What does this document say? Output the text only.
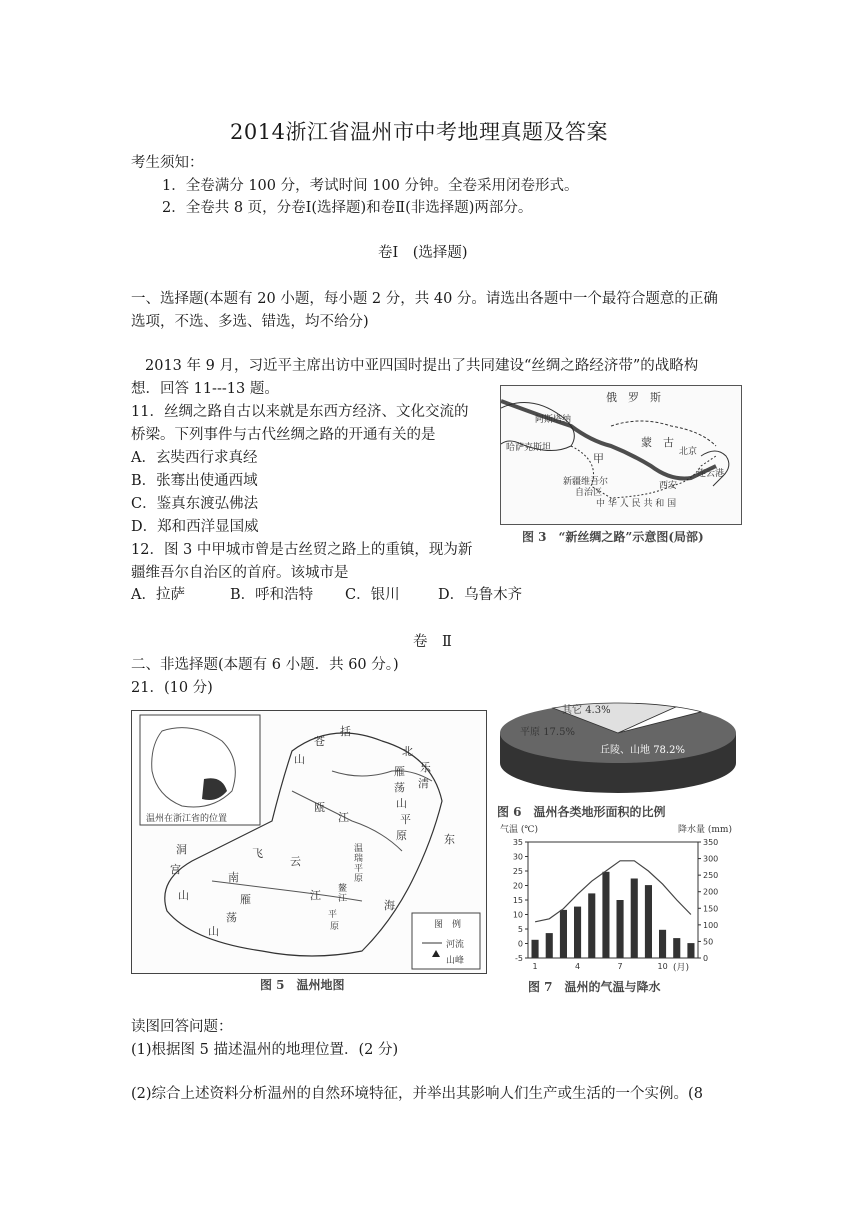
2014浙江省温州市中考地理真题及答案
考生须知：
1．全卷满分 100 分，考试时间 100 分钟。全卷采用闭卷形式。
2．全卷共 8 页，分卷Ⅰ(选择题)和卷Ⅱ(非选择题)两部分。
卷Ⅰ　(选择题)
一、选择题(本题有 20 小题，每小题 2 分，共 40 分。请选出各题中一个最符合题意的正确
选项，不选、多选、错选，均不给分)
2013 年 9 月，习近平主席出访中亚四国时提出了共同建设“丝绸之路经济带”的战略构
想．回答 11---13 题。
11．丝绸之路自古以来就是东西方经济、文化交流的
桥梁。下列事件与古代丝绸之路的开通有关的是
A．玄奘西行求真经
B．张骞出使通西域
C．鉴真东渡弘佛法
D．郑和西洋显国威
12．图 3 中甲城市曾是古丝贸之路上的重镇，现为新
疆维吾尔自治区的首府。该城市是
A．拉萨	B．呼和浩特 C．银川	D．乌鲁木齐
俄　罗　斯
阿斯塔纳
哈萨克斯坦
甲
蒙　古
北京
新疆维吾尔
自治区
中 华 人 民 共 和 国
西安
连云港
图 3　“新丝绸之路”示意图(局部)
卷　Ⅱ
二、非选择题(本题有 6 小题．共 60 分。)
21．(10 分)
温州在浙江省的位置
括
苍
山
北
雁
荡
山
乐
清
平
原
瓯
江
温
瑞
平
原
东
海
洞
宫
山
南
雁
荡
山
飞
云
江 鳌
江
平
原	图　例
河流
山峰
图 5　温州地图
其它 4.3%
平原 17.5%
丘陵、山地 78.2%
图 6　温州各类地形面积的比例
气温 (℃)	降水量 (mm)
35
30
25
20
15
10
5
0
-5
350
300
250
200
150
100
50
0
1	4	7	10 (月)
图 7　温州的气温与降水
读图回答问题：
(1)根据图 5 描述温州的地理位置．(2 分)
(2)综合上述资料分析温州的自然环境特征，并举出其影响人们生产或生活的一个实例。(8
